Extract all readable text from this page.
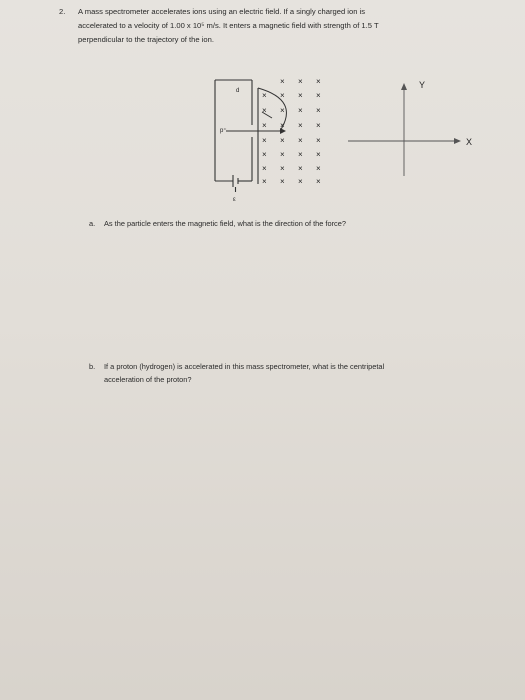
2. A mass spectrometer accelerates ions using an electric field. If a singly charged ion is
accelerated to a velocity of 1.00 x 10⁵ m/s. It enters a magnetic field with strength of 1.5 T
perpendicular to the trajectory of the ion.
d
p⁺
ε
× × ×
× × × ×
× × × ×
× × × ×
× × × ×
× × × ×
× × × ×
× × × ×
Y
X
a. As the particle enters the magnetic field, what is the direction of the force?
b. If a proton (hydrogen) is accelerated in this mass spectrometer, what is the centripetal
acceleration of the proton?
